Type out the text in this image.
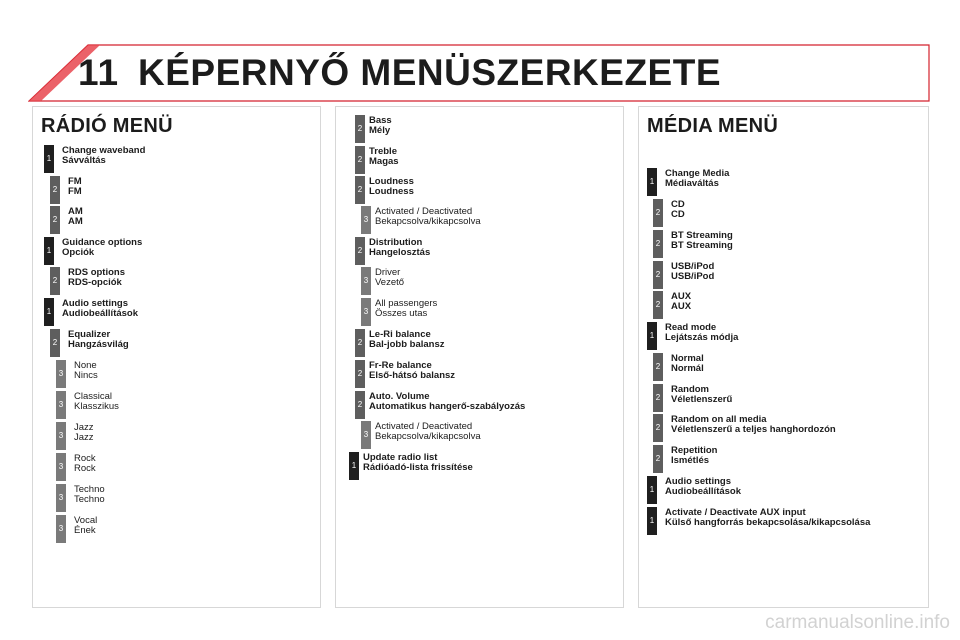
11 KÉPERNYŐ MENÜSZERKEZETE
RÁDIÓ MENÜ
1
Change waveband
Sávváltás
2
FM
FM
2
AM
AM
1
Guidance options
Opciók
2
RDS options
RDS-opciók
1
Audio settings
Audiobeállítások
2
Equalizer
Hangzásvilág
3
None
Nincs
3
Classical
Klasszikus
3
Jazz
Jazz
3
Rock
Rock
3
Techno
Techno
3
Vocal
Ének
2
Bass
Mély
2
Treble
Magas
2
Loudness
Loudness
3
Activated / Deactivated
Bekapcsolva/kikapcsolva
2
Distribution
Hangelosztás
3
Driver
Vezető
3
All passengers
Összes utas
2
Le-Ri balance
Bal-jobb balansz
2
Fr-Re balance
Első-hátsó balansz
2
Auto. Volume
Automatikus hangerő-szabályozás
3
Activated / Deactivated
Bekapcsolva/kikapcsolva
1
Update radio list
Rádióadó-lista frissítése
MÉDIA MENÜ
1
Change Media
Médiaváltás
2
CD
CD
2
BT Streaming
BT Streaming
2
USB/iPod
USB/iPod
2
AUX
AUX
1
Read mode
Lejátszás módja
2
Normal
Normál
2
Random
Véletlenszerű
2
Random on all media
Véletlenszerű a teljes hanghordozón
2
Repetition
Ismétlés
1
Audio settings
Audiobeállítások
1
Activate / Deactivate AUX input
Külső hangforrás bekapcsolása/kikapcsolása
carmanualsonline.info
